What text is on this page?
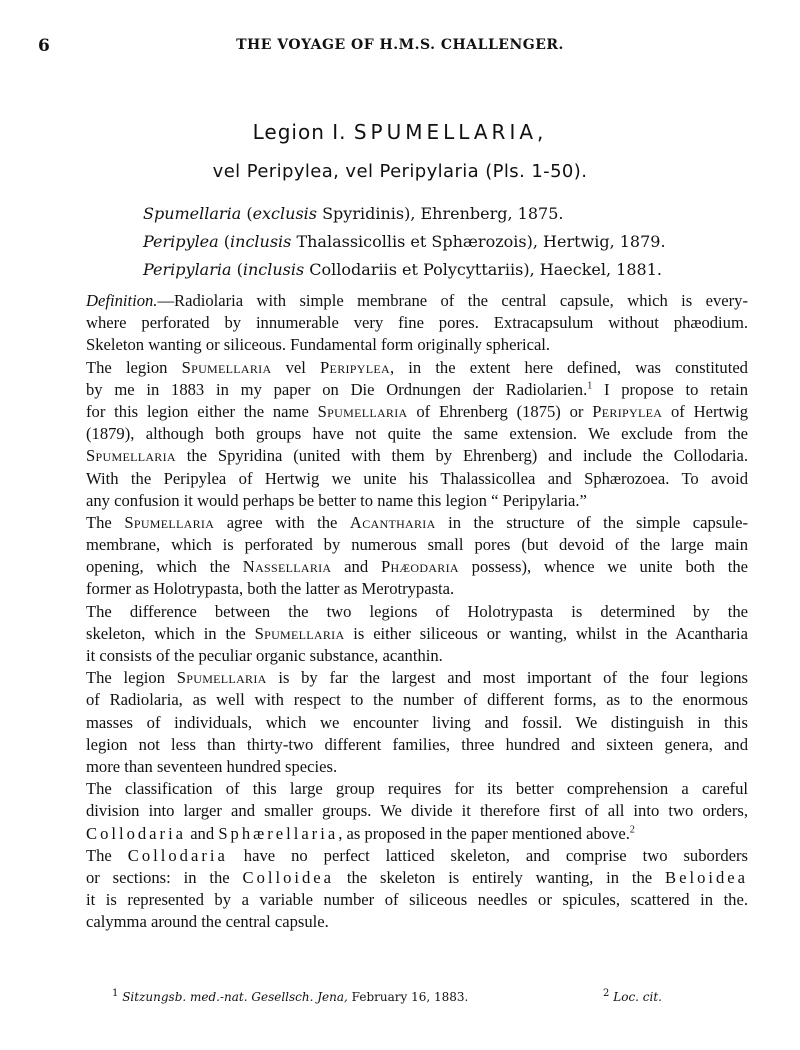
6	THE VOYAGE OF H.M.S. CHALLENGER.
Legion I. SPUMELLARIA,
vel Peripylea, vel Peripylaria (Pls. 1-50).
Spumellaria (exclusis Spyridinis), Ehrenberg, 1875.
Peripylea (inclusis Thalassicollis et Sphærozois), Hertwig, 1879.
Peripylaria (inclusis Collodariis et Polycyttariis), Haeckel, 1881.
Definition.—Radiolaria with simple membrane of the central capsule, which is every-
where perforated by innumerable very fine pores. Extracapsulum without phæodium.
Skeleton wanting or siliceous. Fundamental form originally spherical.
The legion Spumellaria vel Peripylea, in the extent here defined, was constituted
by me in 1883 in my paper on Die Ordnungen der Radiolarien.$^1$ I propose to retain
for this legion either the name Spumellaria of Ehrenberg (1875) or Peripylea of Hertwig
(1879), although both groups have not quite the same extension. We exclude from the
Spumellaria the Spyridina (united with them by Ehrenberg) and include the Collodaria.
With the Peripylea of Hertwig we unite his Thalassicollea and Sphærozoea. To avoid
any confusion it would perhaps be better to name this legion “ Peripylaria.”
The Spumellaria agree with the Acantharia in the structure of the simple capsule-
membrane, which is perforated by numerous small pores (but devoid of the large main
opening, which the Nassellaria and Phæodaria possess), whence we unite both the
former as Holotrypasta, both the latter as Merotrypasta.
The difference between the two legions of Holotrypasta is determined by the
skeleton, which in the Spumellaria is either siliceous or wanting, whilst in the Acantharia
it consists of the peculiar organic substance, acanthin.
The legion Spumellaria is by far the largest and most important of the four legions
of Radiolaria, as well with respect to the number of different forms, as to the enormous
masses of individuals, which we encounter living and fossil. We distinguish in this
legion not less than thirty-two different families, three hundred and sixteen genera, and
more than seventeen hundred species.
The classification of this large group requires for its better comprehension a careful
division into larger and smaller groups. We divide it therefore first of all into two orders,
Collodaria and Sphærellaria, as proposed in the paper mentioned above.$^2$
The Collodaria have no perfect latticed skeleton, and comprise two suborders
or sections: in the Colloidea the skeleton is entirely wanting, in the Beloidea
it is represented by a variable number of siliceous needles or spicules, scattered in the.
calymma around the central capsule.
$^1$ Sitzungsb. med.-nat. Gesellsch. Jena, February 16, 1883.	$^2$ Loc. cit.
